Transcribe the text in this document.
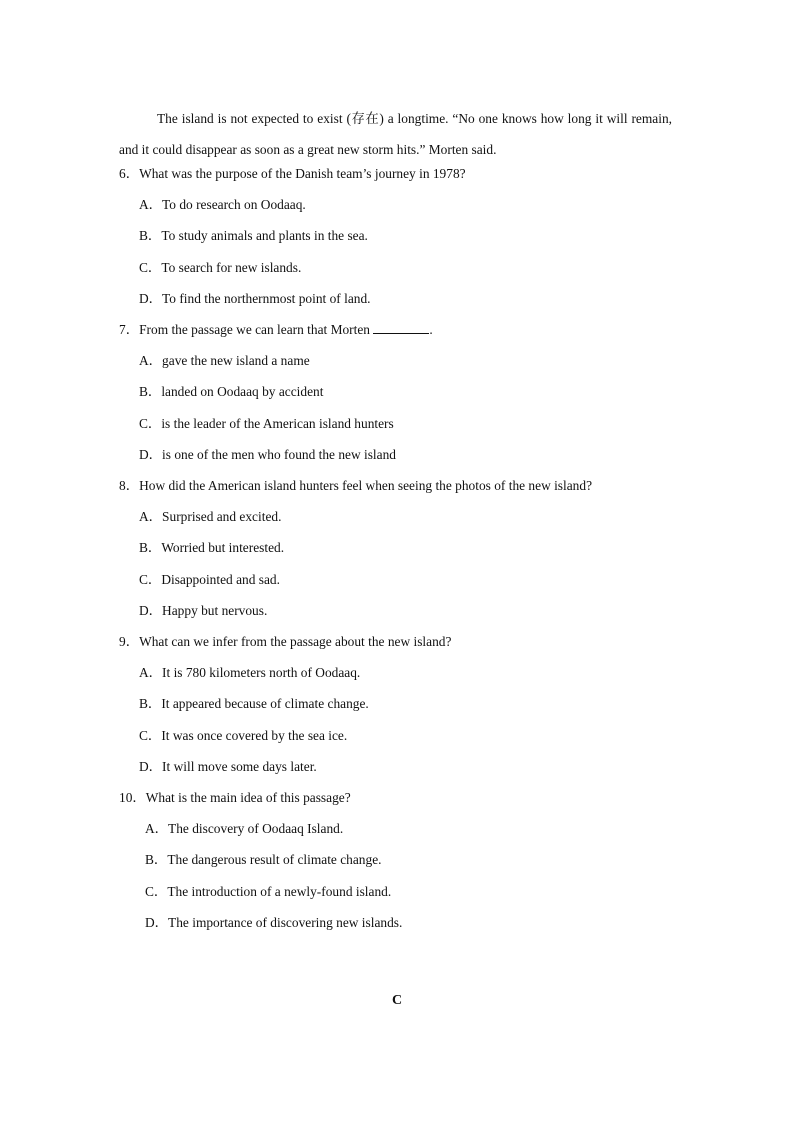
The island is not expected to exist (存在) a longtime. “No one knows how long it will remain, and it could disappear as soon as a great new storm hits.” Morten said.
6．What was the purpose of the Danish team’s journey in 1978?
A．To do research on Oodaaq.
B．To study animals and plants in the sea.
C．To search for new islands.
D．To find the northernmost point of land.
7．From the passage we can learn that Morten	.
A．gave the new island a name
B．landed on Oodaaq by accident
C．is the leader of the American island hunters
D．is one of the men who found the new island
8．How did the American island hunters feel when seeing the photos of the new island?
A．Surprised and excited.
B．Worried but interested.
C．Disappointed and sad.
D．Happy but nervous.
9．What can we infer from the passage about the new island?
A．It is 780 kilometers north of Oodaaq.
B．It appeared because of climate change.
C．It was once covered by the sea ice.
D．It will move some days later.
10．What is the main idea of this passage?
A．The discovery of Oodaaq Island.
B．The dangerous result of climate change.
C．The introduction of a newly-found island.
D．The importance of discovering new islands.
C
